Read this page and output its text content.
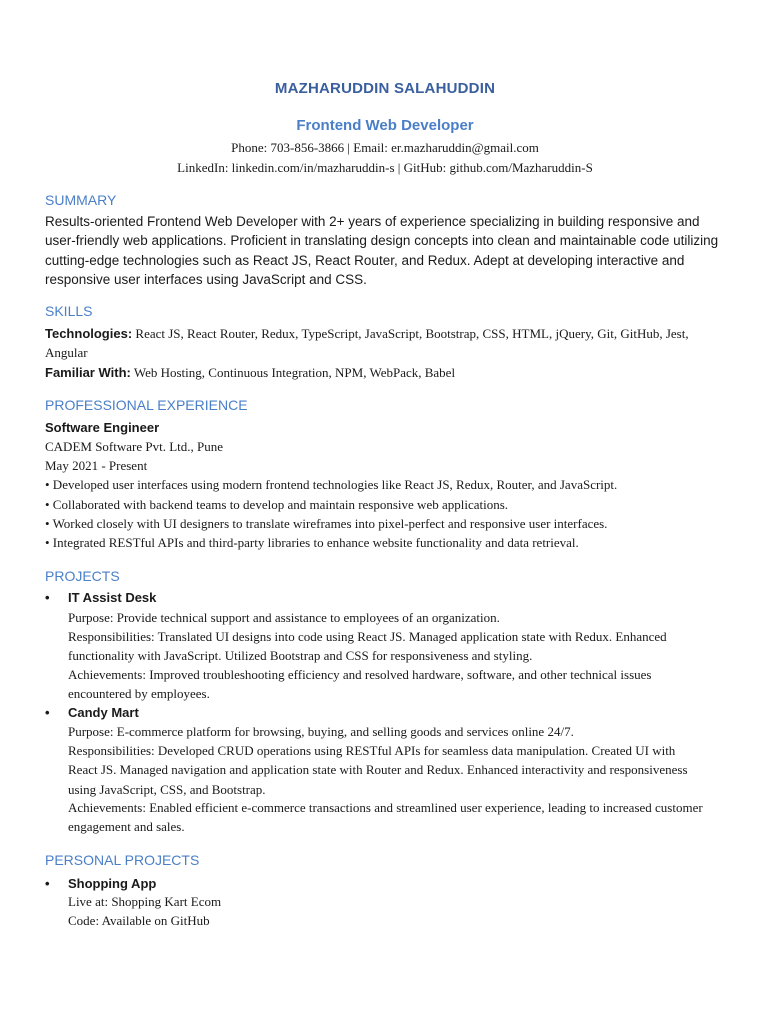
MAZHARUDDIN SALAHUDDIN
Frontend Web Developer
Phone: 703-856-3866 | Email: er.mazharuddin@gmail.com
LinkedIn: linkedin.com/in/mazharuddin-s | GitHub: github.com/Mazharuddin-S
SUMMARY
Results-oriented Frontend Web Developer with 2+ years of experience specializing in building responsive and user-friendly web applications. Proficient in translating design concepts into clean and maintainable code utilizing cutting-edge technologies such as React JS, React Router, and Redux. Adept at developing interactive and responsive user interfaces using JavaScript and CSS.
SKILLS
Technologies: React JS, React Router, Redux, TypeScript, JavaScript, Bootstrap, CSS, HTML, jQuery, Git, GitHub, Jest, Angular
Familiar With: Web Hosting, Continuous Integration, NPM, WebPack, Babel
PROFESSIONAL EXPERIENCE
Software Engineer
CADEM Software Pvt. Ltd., Pune
May 2021 - Present
• Developed user interfaces using modern frontend technologies like React JS, Redux, Router, and JavaScript.
• Collaborated with backend teams to develop and maintain responsive web applications.
• Worked closely with UI designers to translate wireframes into pixel-perfect and responsive user interfaces.
• Integrated RESTful APIs and third-party libraries to enhance website functionality and data retrieval.
PROJECTS
• IT Assist Desk
Purpose: Provide technical support and assistance to employees of an organization.
Responsibilities: Translated UI designs into code using React JS. Managed application state with Redux. Enhanced functionality with JavaScript. Utilized Bootstrap and CSS for responsiveness and styling.
Achievements: Improved troubleshooting efficiency and resolved hardware, software, and other technical issues encountered by employees.
• Candy Mart
Purpose: E-commerce platform for browsing, buying, and selling goods and services online 24/7.
Responsibilities: Developed CRUD operations using RESTful APIs for seamless data manipulation. Created UI with React JS. Managed navigation and application state with Router and Redux. Enhanced interactivity and responsiveness using JavaScript, CSS, and Bootstrap.
Achievements: Enabled efficient e-commerce transactions and streamlined user experience, leading to increased customer engagement and sales.
PERSONAL PROJECTS
• Shopping App
Live at: Shopping Kart Ecom
Code: Available on GitHub
